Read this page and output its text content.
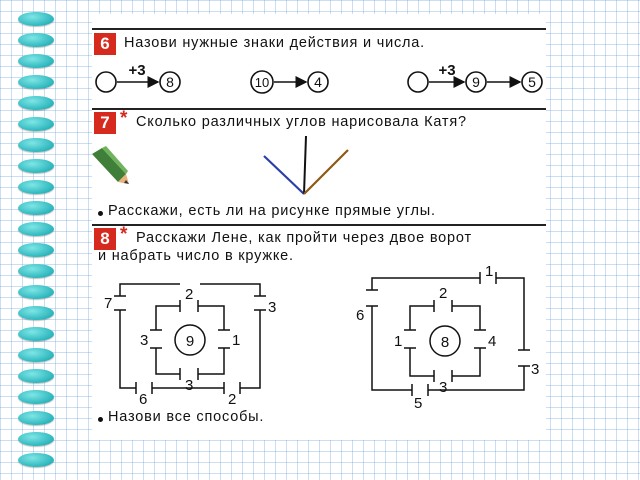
6 Назови нужные знаки действия и числа.
+3
8	10	4
+3
9	5
7 * Сколько различных углов нарисовала Катя?
Расскажи, есть ли на рисунке прямые углы.
8 * Расскажи Лене, как пройти через двое ворот
и набрать число в кружке.
9
7	3
6	2
2
3	1
3
8
1
6
3
5
2
1	4
3
Назови все способы.
